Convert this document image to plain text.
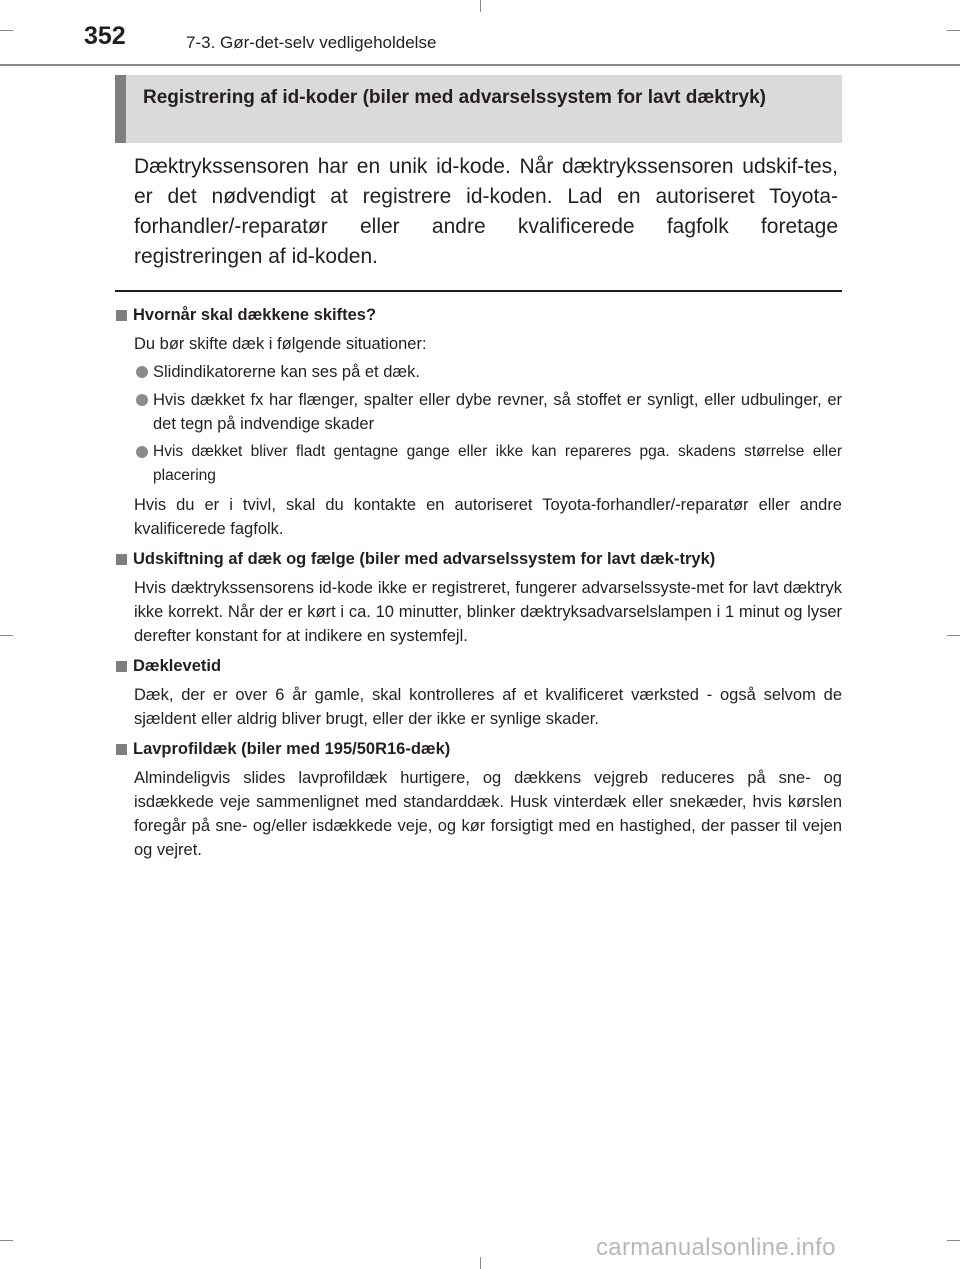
352	7-3. Gør-det-selv vedligeholdelse
Registrering af id-koder (biler med advarselssystem for lavt dæktryk)
Dæktrykssensoren har en unik id-kode. Når dæktrykssensoren udskif-tes, er det nødvendigt at registrere id-koden. Lad en autoriseret Toyota-forhandler/-reparatør eller andre kvalificerede fagfolk foretage registreringen af id-koden.
Hvornår skal dækkene skiftes?
Du bør skifte dæk i følgende situationer:
Slidindikatorerne kan ses på et dæk.
Hvis dækket fx har flænger, spalter eller dybe revner, så stoffet er synligt, eller udbulinger, er det tegn på indvendige skader
Hvis dækket bliver fladt gentagne gange eller ikke kan repareres pga. skadens størrelse eller placering
Hvis du er i tvivl, skal du kontakte en autoriseret Toyota-forhandler/-reparatør eller andre kvalificerede fagfolk.
Udskiftning af dæk og fælge (biler med advarselssystem for lavt dæk-tryk)
Hvis dæktrykssensorens id-kode ikke er registreret, fungerer advarselssyste-met for lavt dæktryk ikke korrekt. Når der er kørt i ca. 10 minutter, blinker dæktryksadvarselslampen i 1 minut og lyser derefter konstant for at indikere en systemfejl.
Dæklevetid
Dæk, der er over 6 år gamle, skal kontrolleres af et kvalificeret værksted - også selvom de sjældent eller aldrig bliver brugt, eller der ikke er synlige skader.
Lavprofildæk (biler med 195/50R16-dæk)
Almindeligvis slides lavprofildæk hurtigere, og dækkens vejgreb reduceres på sne- og isdækkede veje sammenlignet med standarddæk. Husk vinterdæk eller snekæder, hvis kørslen foregår på sne- og/eller isdækkede veje, og kør forsigtigt med en hastighed, der passer til vejen og vejret.
carmanualsonline.info
